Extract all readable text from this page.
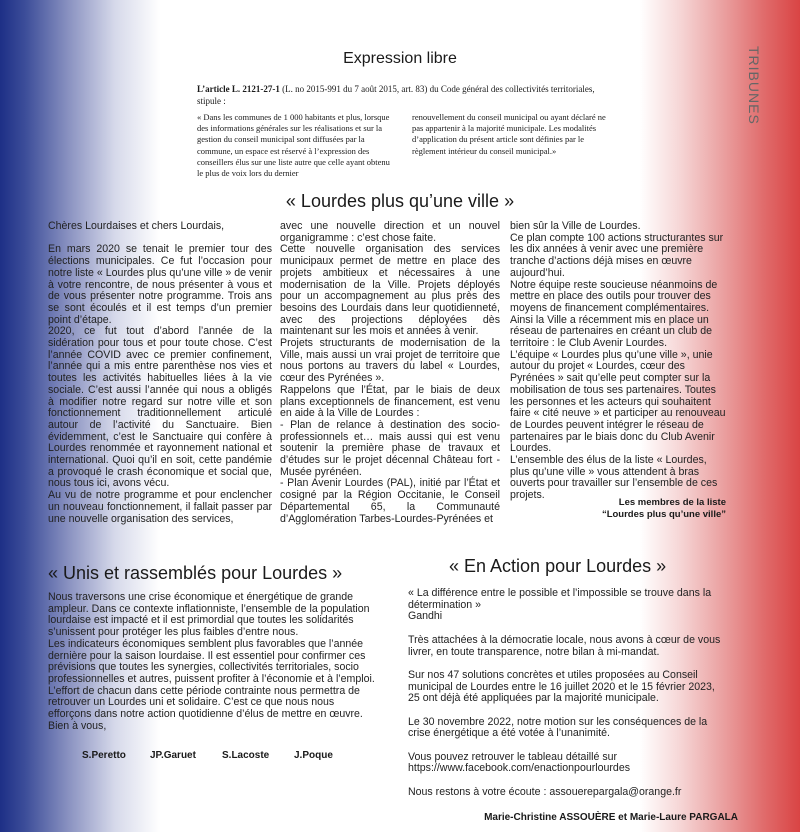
Expression libre	TRIBUNES
L’article L. 2121-27-1 (L. no 2015-991 du 7 août 2015, art. 83) du Code général des collectivités territoriales, stipule :
« Dans les communes de 1 000 habitants et plus, lorsque des informations générales sur les réalisations et sur la gestion du conseil municipal sont diffusées par la commune, un espace est réservé à l’expression des conseillers élus sur une liste autre que celle ayant obtenu le plus de voix lors du dernier
renouvellement du conseil municipal ou ayant déclaré ne pas appartenir à la majorité municipale. Les modalités d’application du présent article sont définies par le règlement intérieur du conseil municipal.»
« Lourdes plus qu’une ville »

Chères Lourdaises et chers Lourdais,

En mars 2020 se tenait le premier tour des élections municipales. Ce fut l’occasion pour notre liste « Lourdes plus qu’une ville » de venir à votre rencontre, de nous présenter à vous et de vous présenter notre programme. Trois ans se sont écoulés et il est temps d’un premier point d’étape.

2020, ce fut tout d’abord l’année de la sidération pour tous et pour toute chose. C’est l’année COVID avec ce premier confinement, l’année qui a mis entre parenthèse nos vies et toutes les activités habituelles liées à la vie sociale. C’est aussi l’année qui nous a obligés à modifier notre regard sur notre ville et son fonctionnement traditionnellement articulé autour de l’activité du Sanctuaire. Bien évidemment, c’est le Sanctuaire qui confère à Lourdes renommée et rayonnement national et international. Quoi qu’il en soit, cette pandémie a provoqué le crash économique et social que, nous tous ici, avons vécu.

Au vu de notre programme et pour enclencher un nouveau fonctionnement, il fallait passer par une nouvelle organisation des services,

avec une nouvelle direction et un nouvel organigramme : c’est chose faite.

Cette nouvelle organisation des services municipaux permet de mettre en place des projets ambitieux et nécessaires à une modernisation de la Ville. Projets déployés pour un accompagnement au plus près des besoins des Lourdais dans leur quotidienneté, avec des projections déployées dès maintenant sur les mois et années à venir.

Projets structurants de modernisation de la Ville, mais aussi un vrai projet de territoire que nous portons au travers du label « Lourdes, cœur des Pyrénées ».

Rappelons que l’État, par le biais de deux plans exceptionnels de financement, est venu en aide à la Ville de Lourdes :

- Plan de relance à destination des socio-professionnels et… mais aussi qui est venu soutenir la première phase de travaux et d’études sur le projet décennal Château fort - Musée pyrénéen.

- Plan Avenir Lourdes (PAL), initié par l’État et cosigné par la Région Occitanie, le Conseil Départemental 65, la Communauté d’Agglomération Tarbes-Lourdes-Pyrénées et

bien sûr la Ville de Lourdes.

Ce plan compte 100 actions structurantes sur les dix années à venir avec une première tranche d’actions déjà mises en œuvre aujourd’hui.

Notre équipe reste soucieuse néanmoins de mettre en place des outils pour trouver des moyens de financement complémentaires.

Ainsi la Ville a récemment mis en place un réseau de partenaires en créant un club de territoire : le Club Avenir Lourdes.

L’équipe « Lourdes plus qu’une ville », unie autour du projet « Lourdes, cœur des Pyrénées » sait qu’elle peut compter sur la mobilisation de tous ses partenaires. Toutes les personnes et les acteurs qui souhaitent faire « cité neuve » et participer au renouveau de Lourdes peuvent intégrer le réseau de partenaires par le biais donc du Club Avenir Lourdes.

L’ensemble des élus de la liste « Lourdes, plus qu’une ville » vous attendent à bras ouverts pour travailler sur l’ensemble de ces projets.

Les membres de la liste
“Lourdes plus qu’une ville”
« Unis et rassemblés pour Lourdes »

Nous traversons une crise économique et énergétique de grande ampleur. Dans ce contexte inflationniste, l’ensemble de la population lourdaise est impacté et il est primordial que toutes les solidarités s’unissent pour protéger les plus faibles d’entre nous.

Les indicateurs économiques semblent plus favorables que l’année dernière pour la saison lourdaise. Il est essentiel pour confirmer ces prévisions que toutes les synergies, collectivités territoriales, socio professionnelles et autres, puissent profiter à l’économie et à l’emploi.

L’effort de chacun dans cette période contrainte nous permettra de retrouver un Lourdes uni et solidaire. C’est ce que nous nous efforçons dans notre action quotidienne d’élus de mettre en œuvre.

Bien à vous,

S.Peretto JP.Garuet	S.Lacoste J.Poque
« En Action pour Lourdes »

« La différence entre le possible et l’impossible se trouve dans la détermination »

Gandhi

Très attachées à la démocratie locale, nous avons à cœur de vous livrer, en toute transparence, notre bilan à mi-mandat.

Sur nos 47 solutions concrètes et utiles proposées au Conseil municipal de Lourdes entre le 16 juillet 2020 et le 15 février 2023, 25 ont déjà été appliquées par la majorité municipale.

Le 30 novembre 2022, notre motion sur les conséquences de la crise énergétique a été votée à l’unanimité.

Vous pouvez retrouver le tableau détaillé sur https://www.facebook.com/enactionpourlourdes

Nous restons à votre écoute : assouerepargala@orange.fr

Marie-Christine ASSOUÈRE et Marie-Laure PARGALA
